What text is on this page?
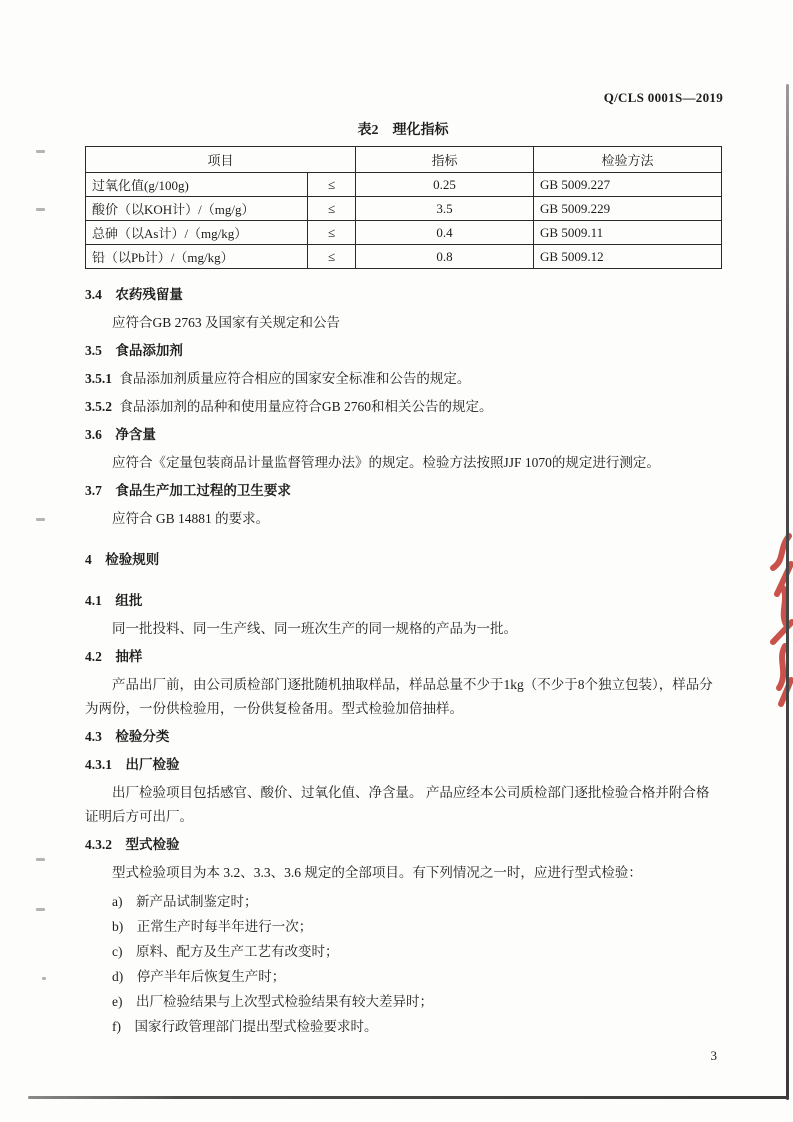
Q/CLS 0001S—2019
表2　理化指标
项目		指标	检验方法
过氧化值(g/100g)	≤	0.25	GB 5009.227
酸价（以KOH计）/（mg/g）	≤	3.5	GB 5009.229
总砷（以As计）/（mg/kg）	≤	0.4	GB 5009.11
铅（以Pb计）/（mg/kg）	≤	0.8	GB 5009.12
3.4　农药残留量
应符合GB 2763 及国家有关规定和公告
3.5　食品添加剂
3.5.1 食品添加剂质量应符合相应的国家安全标准和公告的规定。
3.5.2 食品添加剂的品种和使用量应符合GB 2760和相关公告的规定。
3.6　净含量
应符合《定量包装商品计量监督管理办法》的规定。检验方法按照JJF 1070的规定进行测定。
3.7　食品生产加工过程的卫生要求
应符合 GB 14881 的要求。
4　检验规则
4.1　组批
同一批投料、同一生产线、同一班次生产的同一规格的产品为一批。
4.2　抽样
产品出厂前，由公司质检部门逐批随机抽取样品，样品总量不少于1kg（不少于8个独立包装），样品分为两份，一份供检验用，一份供复检备用。型式检验加倍抽样。
4.3　检验分类
4.3.1　出厂检验
出厂检验项目包括感官、酸价、过氧化值、净含量。 产品应经本公司质检部门逐批检验合格并附合格证明后方可出厂。
4.3.2　型式检验
型式检验项目为本 3.2、3.3、3.6 规定的全部项目。有下列情况之一时，应进行型式检验：
a)　新产品试制鉴定时；
b)　正常生产时每半年进行一次；
c)　原料、配方及生产工艺有改变时；
d)　停产半年后恢复生产时；
e)　出厂检验结果与上次型式检验结果有较大差异时；
f)　国家行政管理部门提出型式检验要求时。
3
